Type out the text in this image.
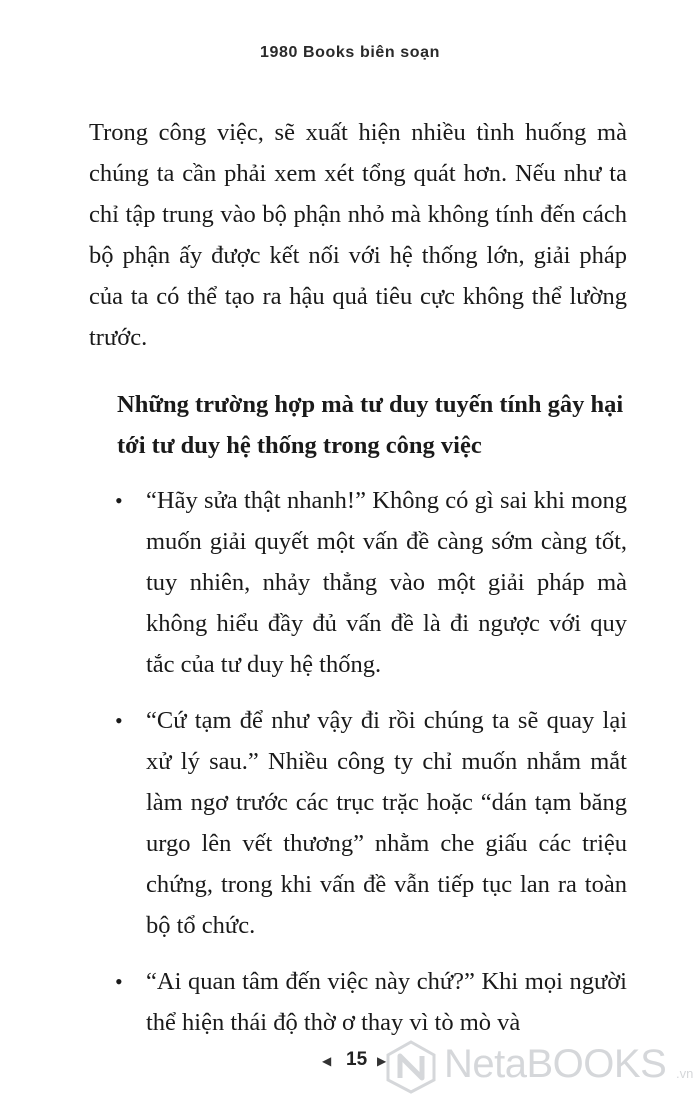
1980 Books biên soạn

Trong công việc, sẽ xuất hiện nhiều tình huống mà chúng ta cần phải xem xét tổng quát hơn. Nếu như ta chỉ tập trung vào bộ phận nhỏ mà không tính đến cách bộ phận ấy được kết nối với hệ thống lớn, giải pháp của ta có thể tạo ra hậu quả tiêu cực không thể lường trước.

Những trường hợp mà tư duy tuyến tính gây hại tới tư duy hệ thống trong công việc

• “Hãy sửa thật nhanh!” Không có gì sai khi mong muốn giải quyết một vấn đề càng sớm càng tốt, tuy nhiên, nhảy thẳng vào một giải pháp mà không hiểu đầy đủ vấn đề là đi ngược với quy tắc của tư duy hệ thống.
• “Cứ tạm để như vậy đi rồi chúng ta sẽ quay lại xử lý sau.” Nhiều công ty chỉ muốn nhắm mắt làm ngơ trước các trục trặc hoặc “dán tạm băng urgo lên vết thương” nhằm che giấu các triệu chứng, trong khi vấn đề vẫn tiếp tục lan ra toàn bộ tổ chức.
• “Ai quan tâm đến việc này chứ?” Khi mọi người thể hiện thái độ thờ ơ thay vì tò mò và
◀ 15 ▶ NetaBOOKS .vn
